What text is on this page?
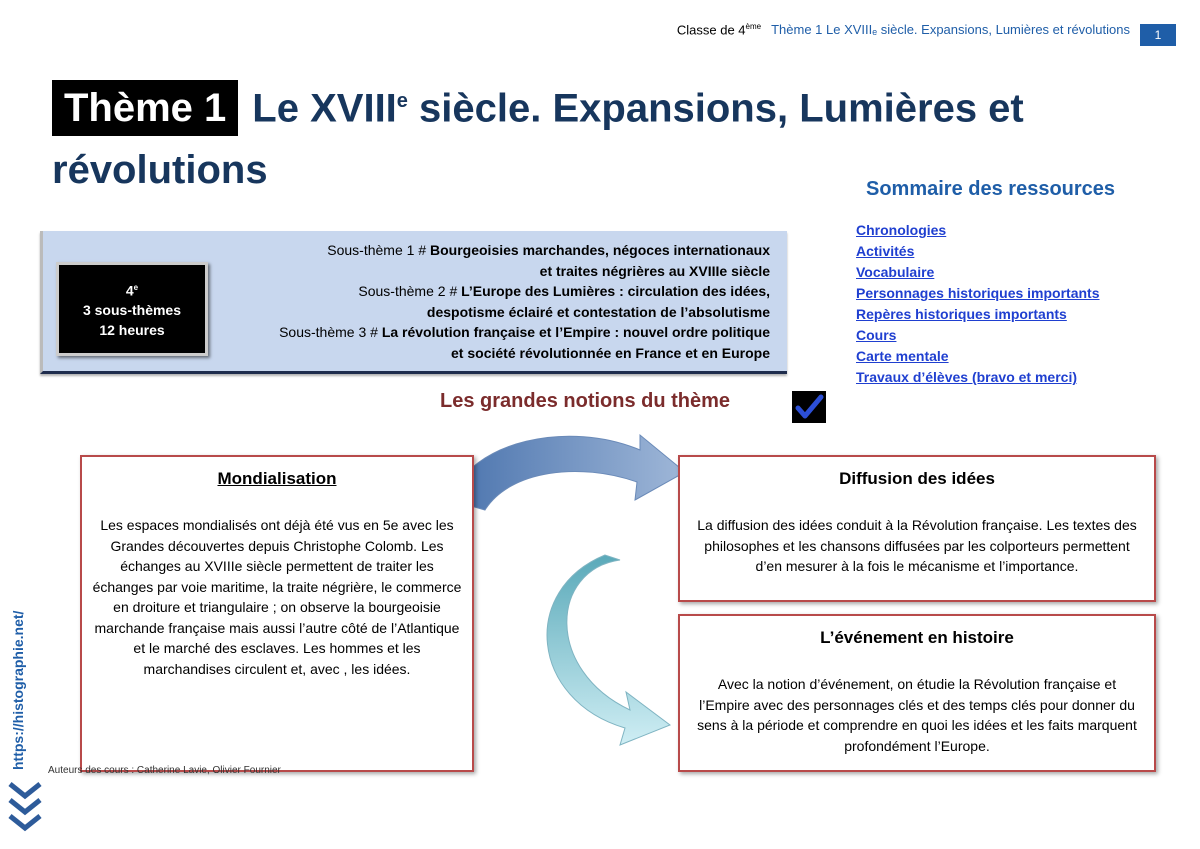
Classe de 4ème Thème 1 Le XVIIIₑ siècle. Expansions, Lumières et révolutions	1
Thème 1 Le XVIIIe siècle. Expansions, Lumières et révolutions	Sommaire des ressources
Chronologies
Activités
Vocabulaire
Personnages historiques importants
Repères historiques importants
Cours
Carte mentale
Travaux d’élèves (bravo et merci)
4e
3 sous-thèmes
12 heures
Sous-thème 1 # Bourgeoisies marchandes, négoces internationaux
et traites négrières au XVIIIe siècle
Sous-thème 2 # L’Europe des Lumières : circulation des idées,
despotisme éclairé et contestation de l’absolutisme
Sous-thème 3 # La révolution française et l’Empire : nouvel ordre politique
et société révolutionnée en France et en Europe
Les grandes notions du thème
Mondialisation

Les espaces mondialisés ont déjà été vus en 5e avec les Grandes découvertes depuis Christophe Colomb. Les échanges au XVIIIe siècle permettent de traiter les échanges par voie maritime, la traite négrière, le commerce en droiture et triangulaire ; on observe la bourgeoisie marchande française mais aussi l’autre côté de l’Atlantique et le marché des esclaves. Les hommes et les marchandises circulent et, avec , les idées.

Diffusion des idées

La diffusion des idées conduit à la Révolution française. Les textes des philosophes et les chansons diffusées par les colporteurs permettent d’en mesurer à la fois le mécanisme et l’importance.

L’événement en histoire

Avec la notion d’événement, on étudie la Révolution française et l’Empire avec des personnages clés et des temps clés pour donner du sens à la période et comprendre en quoi les idées et les faits marquent profondément l’Europe.

Auteurs des cours : Catherine Lavie, Olivier Fournier
https://histographie.net/
